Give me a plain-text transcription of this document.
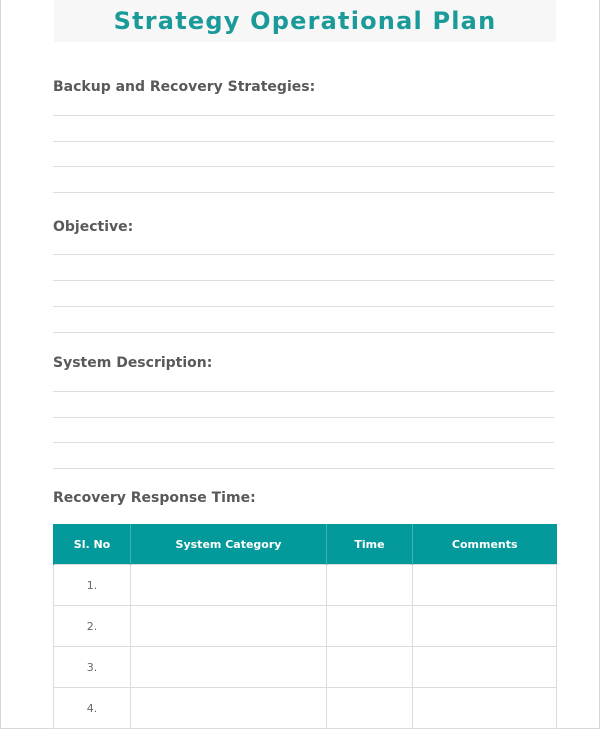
Strategy Operational Plan
Backup and Recovery Strategies:
Objective:
System Description:
Recovery Response Time:
Sl. No	System Category	Time	Comments
1.			
2.			
3.			
4.			
